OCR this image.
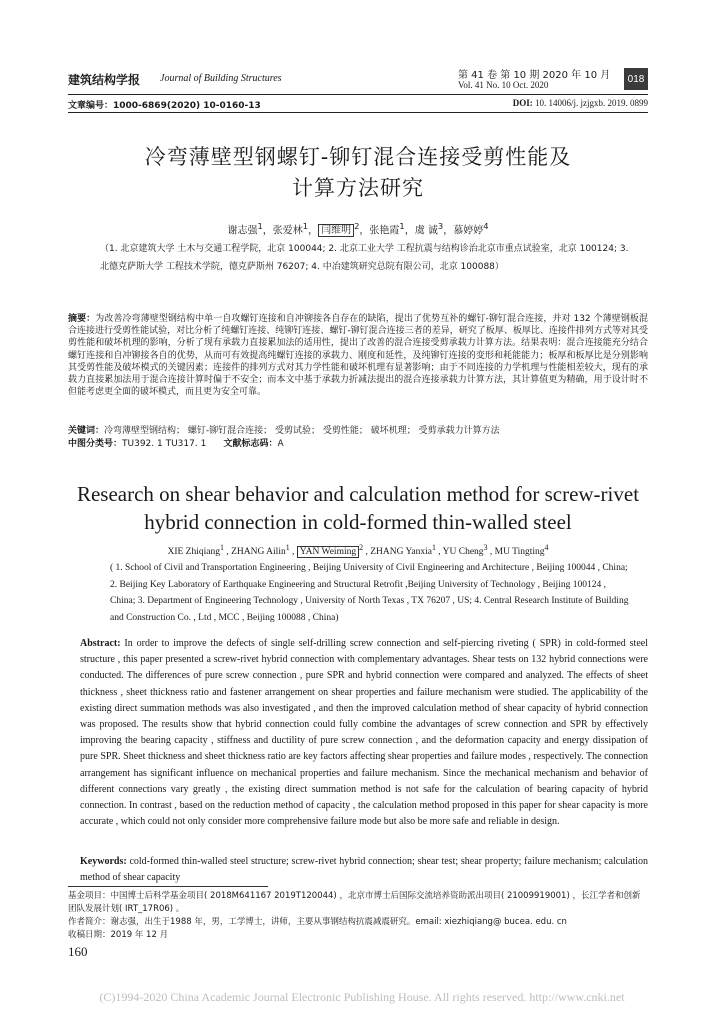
建筑结构学报 Journal of Building Structures	第 41 卷 第 10 期 2020 年 10 月
Vol. 41 No. 10 Oct. 2020
018
文章编号：1000-6869(2020) 10-0160-13	DOI: 10. 14006/j. jzjgxb. 2019. 0899
冷弯薄壁型钢螺钉-铆钉混合连接受剪性能及
计算方法研究
谢志强$^1$，张爱林$^1$， 闫维明 $^2$，张艳霞$^1$，虞 诚$^3$，慕婷婷$^4$
（1. 北京建筑大学 土木与交通工程学院，北京 100044; 2. 北京工业大学 工程抗震与结构诊治北京市重点试验室，北京 100124; 3. 北德克萨斯大学 工程技术学院，德克萨斯州 76207; 4. 中冶建筑研究总院有限公司，北京 100088）
摘要：为改善冷弯薄壁型钢结构中单一自攻螺钉连接和自冲铆接各自存在的缺陷，提出了优势互补的螺钉-铆钉混合连接，并对 132 个薄壁钢板混合连接进行受剪性能试验，对比分析了纯螺钉连接、纯铆钉连接、螺钉-铆钉混合连接三者的差异，研究了板厚、板厚比、连接件排列方式等对其受剪性能和破坏机理的影响，分析了现有承载力直接累加法的适用性，提出了改善的混合连接受剪承载力计算方法。结果表明：混合连接能充分结合螺钉连接和自冲铆接各自的优势，从而可有效提高纯螺钉连接的承载力、刚度和延性，及纯铆钉连接的变形和耗能能力；板厚和板厚比是分别影响其受剪性能及破坏模式的关键因素；连接件的排列方式对其力学性能和破坏机理有显著影响；由于不同连接的力学机理与性能相差较大，现有的承载力直接累加法用于混合连接计算时偏于不安全；而本文中基于承载力折减法提出的混合连接承载力计算方法，其计算值更为精确，用于设计时不但能考虑更全面的破坏模式，而且更为安全可靠。
关键词：冷弯薄壁型钢结构； 螺钉-铆钉混合连接； 受剪试验； 受剪性能； 破坏机理； 受剪承载力计算方法
中图分类号：TU392. 1 TU317. 1 文献标志码：A
Research on shear behavior and calculation method for screw-rivet
hybrid connection in cold-formed thin-walled steel
XIE Zhiqiang$^1$ , ZHANG Ailin$^1$ , YAN Weiming $^2$ , ZHANG Yanxia$^1$ , YU Cheng$^3$ , MU Tingting$^4$
( 1. School of Civil and Transportation Engineering , Beijing University of Civil Engineering and Architecture , Beijing 100044 , China; 2. Beijing Key Laboratory of Earthquake Engineering and Structural Retrofit ,Beijing University of Technology , Beijing 100124 , China; 3. Department of Engineering Technology , University of North Texas , TX 76207 , US; 4. Central Research Institute of Building and Construction Co. , Ltd , MCC , Beijing 100088 , China)
Abstract: In order to improve the defects of single self-drilling screw connection and self-piercing riveting ( SPR) in cold-formed steel structure , this paper presented a screw-rivet hybrid connection with complementary advantages. Shear tests on 132 hybrid connections were conducted. The differences of pure screw connection , pure SPR and hybrid connection were compared and analyzed. The effects of sheet thickness , sheet thickness ratio and fastener arrangement on shear properties and failure mechanism were studied. The applicability of the existing direct summation methods was also investigated , and then the improved calculation method of shear capacity of hybrid connection was proposed. The results show that hybrid connection could fully combine the advantages of screw connection and SPR by effectively improving the bearing capacity , stiffness and ductility of pure screw connection , and the deformation capacity and energy dissipation of pure SPR. Sheet thickness and sheet thickness ratio are key factors affecting shear properties and failure modes , respectively. The connection arrangement has significant influence on mechanical properties and failure mechanism. Since the mechanical mechanism and behavior of different connections vary greatly , the existing direct summation method is not safe for the calculation of bearing capacity of hybrid connection. In contrast , based on the reduction method of capacity , the calculation method proposed in this paper for shear capacity is more accurate , which could not only consider more comprehensive failure mode but also be more safe and reliable in design.
Keywords: cold-formed thin-walled steel structure; screw-rivet hybrid connection; shear test; shear property; failure mechanism; calculation method of shear capacity
基金项目：中国博士后科学基金项目( 2018M641167 2019T120044) ，北京市博士后国际交流培养资助派出项目( 21009919001) ，长江学者和创新团队发展计划( IRT_17R06) 。
作者简介：谢志强，出生于1988 年，男，工学博士，讲师，主要从事钢结构抗震减震研究。email: xiezhiqiang@ bucea. edu. cn
收稿日期：2019 年 12 月
160
(C)1994-2020 China Academic Journal Electronic Publishing House. All rights reserved. http://www.cnki.net
